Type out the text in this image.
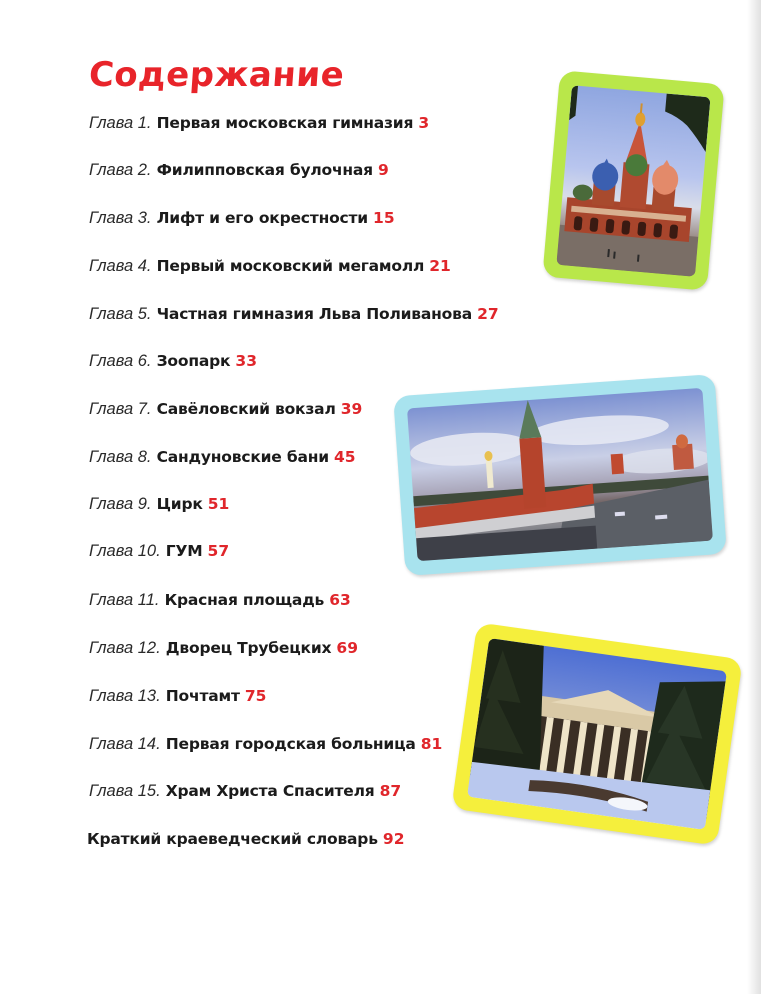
Содержание
Глава 1. Первая московская гимназия 3
Глава 2. Филипповская булочная 9
Глава 3. Лифт и его окрестности 15
Глава 4. Первый московский мегамолл 21
Глава 5. Частная гимназия Льва Поливанова 27
Глава 6. Зоопарк 33
Глава 7. Савёловский вокзал 39
Глава 8. Сандуновские бани 45
Глава 9. Цирк 51
Глава 10. ГУМ 57
Глава 11. Красная площадь 63
Глава 12. Дворец Трубецких 69
Глава 13. Почтамт 75
Глава 14. Первая городская больница 81
Глава 15. Храм Христа Спасителя 87
Краткий краеведческий словарь 92
